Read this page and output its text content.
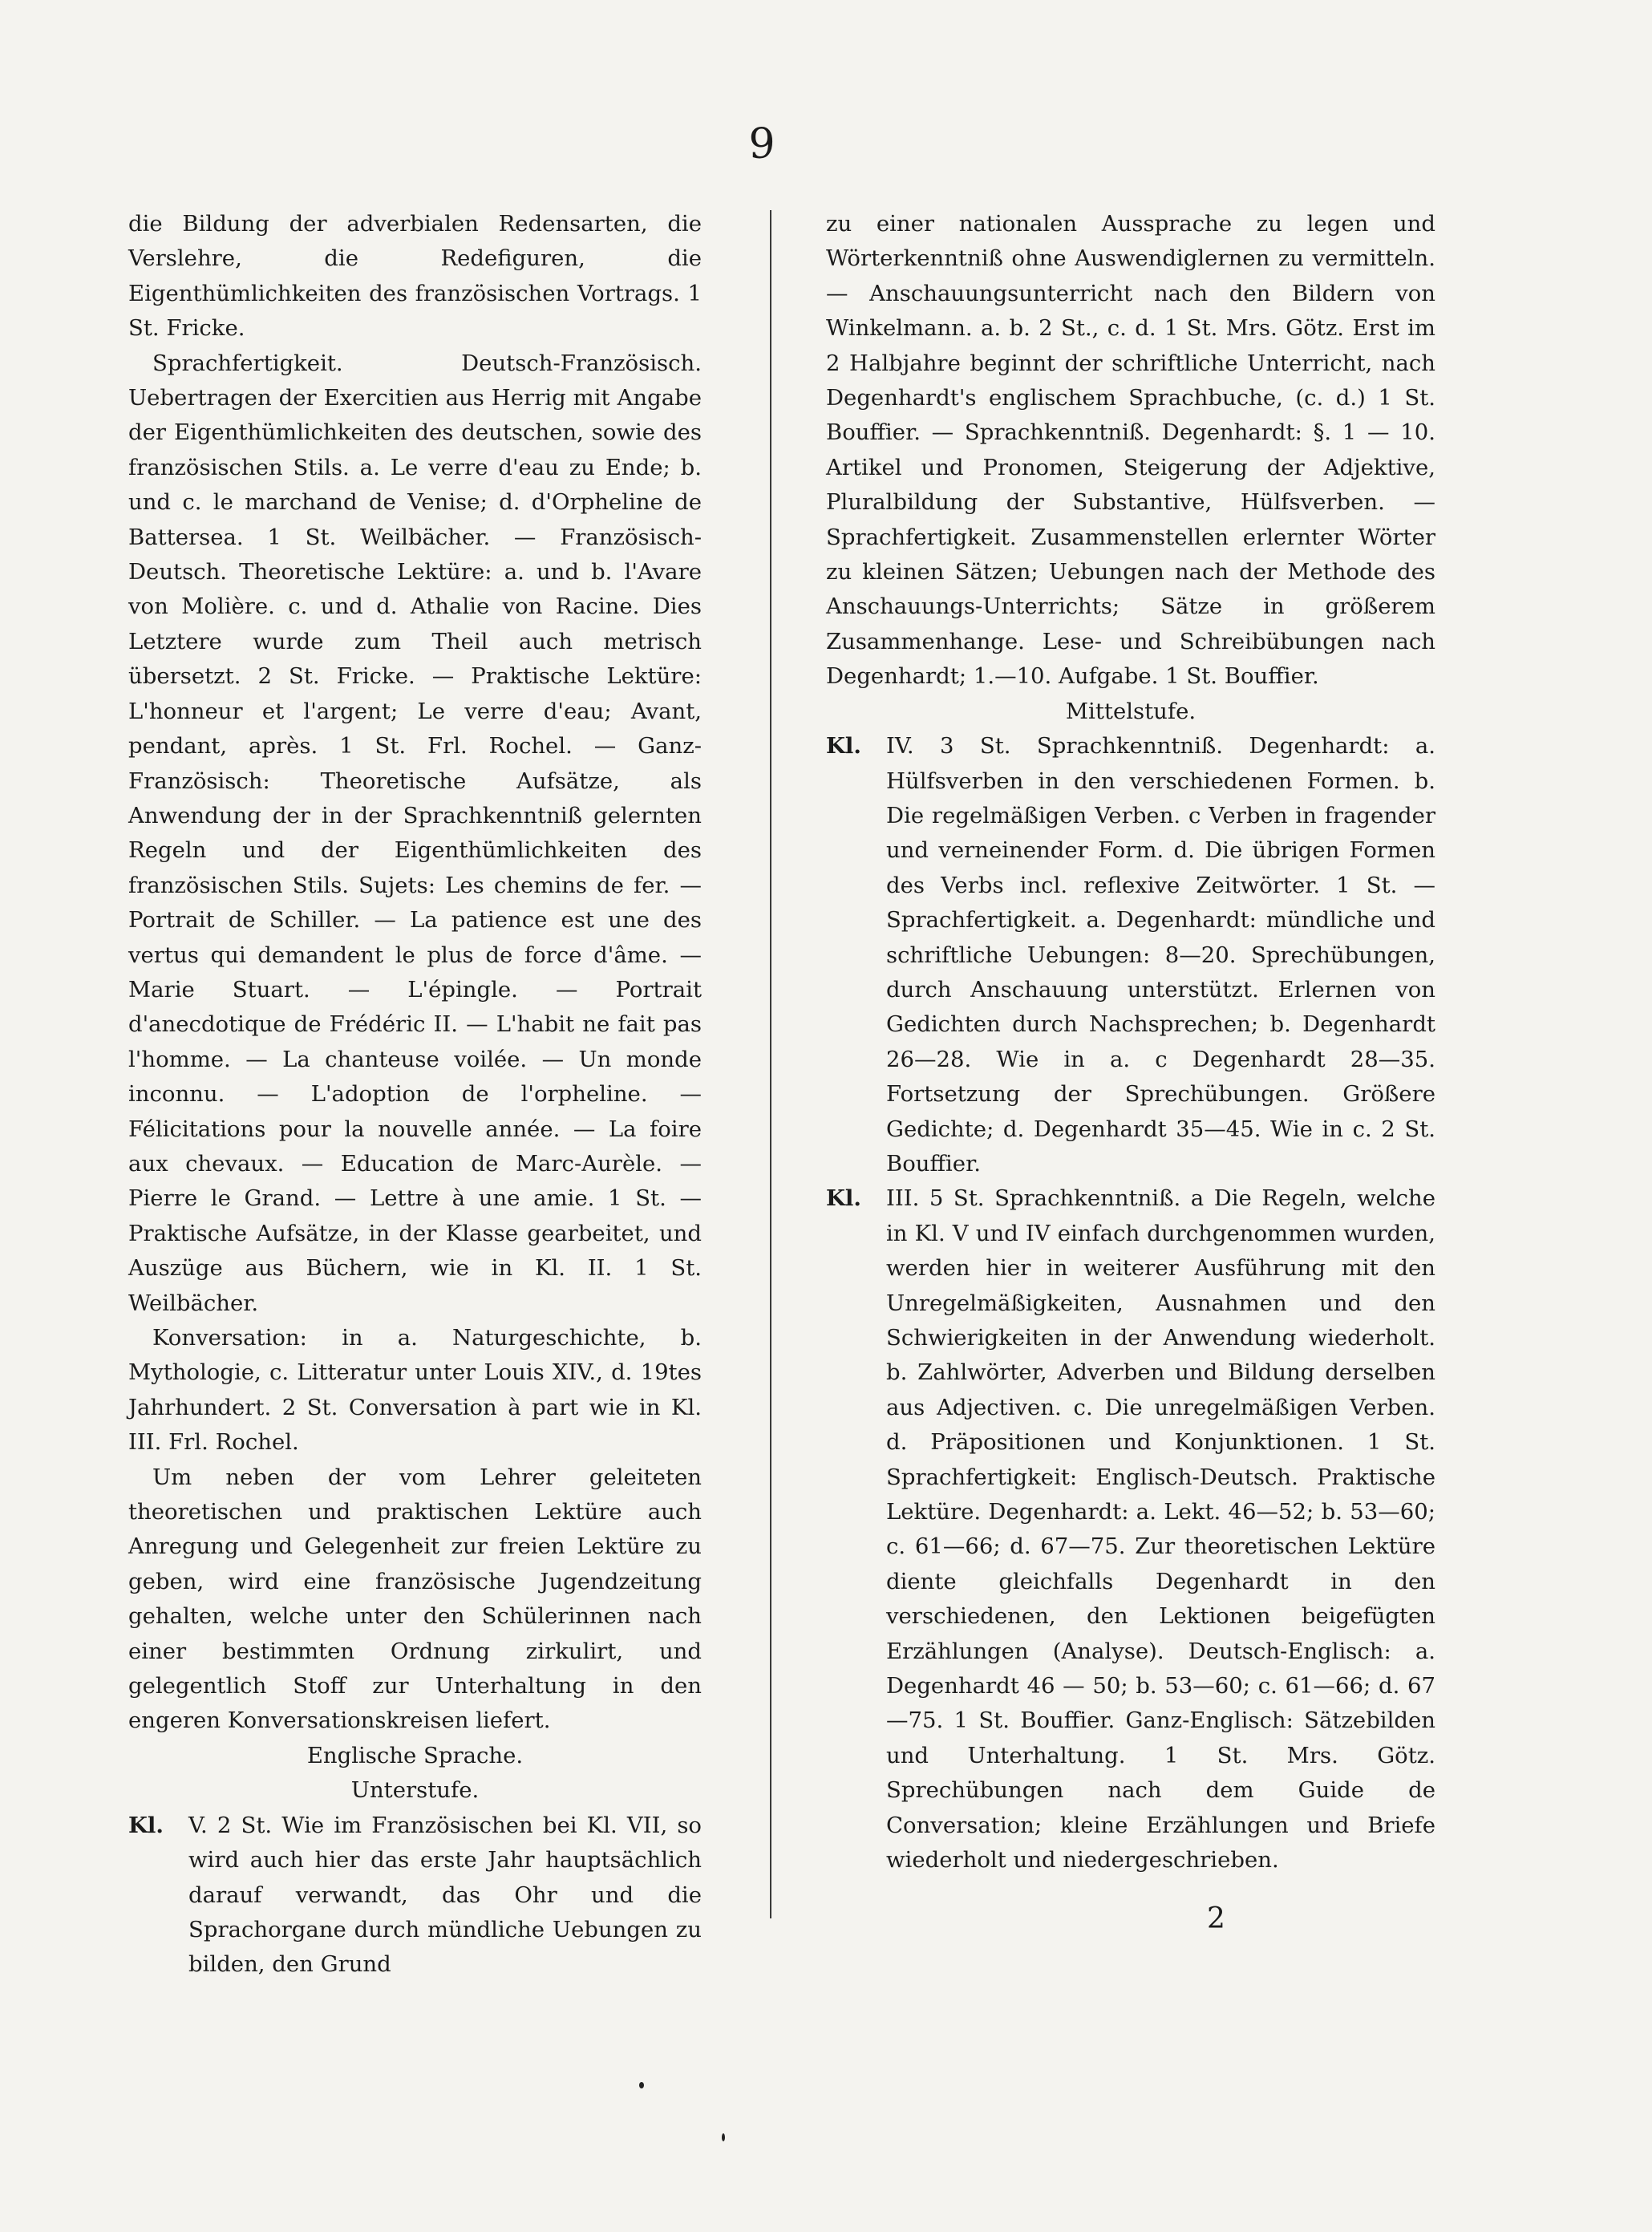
9

die Bildung der adverbialen Redensarten, die Verslehre, die Redefiguren, die Eigenthümlichkeiten des französischen Vortrags. 1 St. Fricke.

Sprachfertigkeit. Deutsch-Französisch. Uebertragen der Exercitien aus Herrig mit Angabe der Eigenthümlichkeiten des deutschen, sowie des französischen Stils. a. Le verre d'eau zu Ende; b. und c. le marchand de Venise; d. d'Orpheline de Battersea. 1 St. Weilbächer. — Französisch-Deutsch. Theoretische Lektüre: a. und b. l'Avare von Molière. c. und d. Athalie von Racine. Dies Letztere wurde zum Theil auch metrisch übersetzt. 2 St. Fricke. — Praktische Lektüre: L'honneur et l'argent; Le verre d'eau; Avant, pendant, après. 1 St. Frl. Rochel. — Ganz-Französisch: Theoretische Aufsätze, als Anwendung der in der Sprachkenntniß gelernten Regeln und der Eigenthümlichkeiten des französischen Stils. Sujets: Les chemins de fer. — Portrait de Schiller. — La patience est une des vertus qui demandent le plus de force d'âme. — Marie Stuart. — L'épingle. — Portrait d'anecdotique de Frédéric II. — L'habit ne fait pas l'homme. — La chanteuse voilée. — Un monde inconnu. — L'adoption de l'orpheline. — Félicitations pour la nouvelle année. — La foire aux chevaux. — Education de Marc-Aurèle. — Pierre le Grand. — Lettre à une amie. 1 St. — Praktische Aufsätze, in der Klasse gearbeitet, und Auszüge aus Büchern, wie in Kl. II. 1 St. Weilbächer.

Konversation: in a. Naturgeschichte, b. Mythologie, c. Litteratur unter Louis XIV., d. 19tes Jahrhundert. 2 St. Conversation à part wie in Kl. III. Frl. Rochel.

Um neben der vom Lehrer geleiteten theoretischen und praktischen Lektüre auch Anregung und Gelegenheit zur freien Lektüre zu geben, wird eine französische Jugendzeitung gehalten, welche unter den Schülerinnen nach einer bestimmten Ordnung zirkulirt, und gelegentlich Stoff zur Unterhaltung in den engeren Konversationskreisen liefert.

Englische Sprache.

Unterstufe.

Kl. V. 2 St. Wie im Französischen bei Kl. VII, so wird auch hier das erste Jahr hauptsächlich darauf verwandt, das Ohr und die Sprachorgane durch mündliche Uebungen zu bilden, den Grund

zu einer nationalen Aussprache zu legen und Wörterkenntniß ohne Auswendiglernen zu vermitteln. — Anschauungsunterricht nach den Bildern von Winkelmann. a. b. 2 St., c. d. 1 St. Mrs. Götz. Erst im 2 Halbjahre beginnt der schriftliche Unterricht, nach Degenhardt's englischem Sprachbuche, (c. d.) 1 St. Bouffier. — Sprachkenntniß. Degenhardt: §. 1 — 10. Artikel und Pronomen, Steigerung der Adjektive, Pluralbildung der Substantive, Hülfsverben. — Sprachfertigkeit. Zusammenstellen erlernter Wörter zu kleinen Sätzen; Uebungen nach der Methode des Anschauungs-Unterrichts; Sätze in größerem Zusammenhange. Lese- und Schreibübungen nach Degenhardt; 1.—10. Aufgabe. 1 St. Bouffier.

Mittelstufe.

Kl. IV. 3 St. Sprachkenntniß. Degenhardt: a. Hülfsverben in den verschiedenen Formen. b. Die regelmäßigen Verben. c Verben in fragender und verneinender Form. d. Die übrigen Formen des Verbs incl. reflexive Zeitwörter. 1 St. — Sprachfertigkeit. a. Degenhardt: mündliche und schriftliche Uebungen: 8—20. Sprechübungen, durch Anschauung unterstützt. Erlernen von Gedichten durch Nachsprechen; b. Degenhardt 26—28. Wie in a. c Degenhardt 28—35. Fortsetzung der Sprechübungen. Größere Gedichte; d. Degenhardt 35—45. Wie in c. 2 St. Bouffier.

Kl. III. 5 St. Sprachkenntniß. a Die Regeln, welche in Kl. V und IV einfach durchgenommen wurden, werden hier in weiterer Ausführung mit den Unregelmäßigkeiten, Ausnahmen und den Schwierigkeiten in der Anwendung wiederholt. b. Zahlwörter, Adverben und Bildung derselben aus Adjectiven. c. Die unregelmäßigen Verben. d. Präpositionen und Konjunktionen. 1 St. Sprachfertigkeit: Englisch-Deutsch. Praktische Lektüre. Degenhardt: a. Lekt. 46—52; b. 53—60; c. 61—66; d. 67—75. Zur theoretischen Lektüre diente gleichfalls Degenhardt in den verschiedenen, den Lektionen beigefügten Erzählungen (Analyse). Deutsch-Englisch: a. Degenhardt 46 — 50; b. 53—60; c. 61—66; d. 67—75. 1 St. Bouffier. Ganz-Englisch: Sätzebilden und Unterhaltung. 1 St. Mrs. Götz. Sprechübungen nach dem Guide de Conversation; kleine Erzählungen und Briefe wiederholt und niedergeschrieben.

2
